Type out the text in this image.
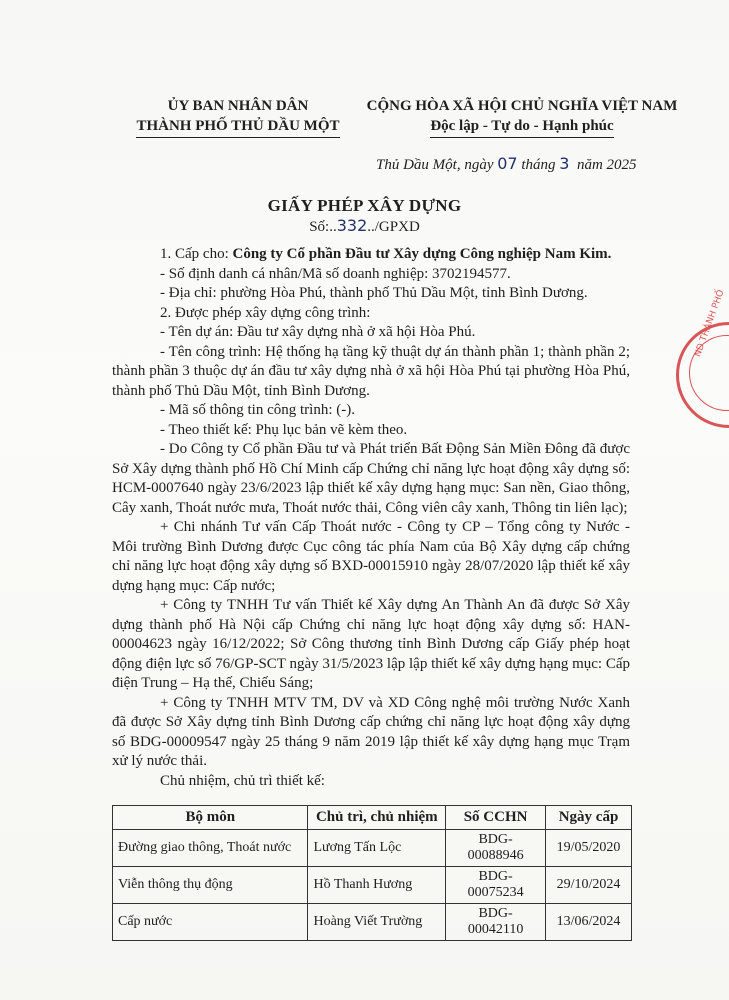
ỦY BAN NHÂN DÂN
THÀNH PHỐ THỦ DẦU MỘT
CỘNG HÒA XÃ HỘI CHỦ NGHĨA VIỆT NAM
Độc lập - Tự do - Hạnh phúc
Thủ Dầu Một, ngày 07 tháng 3 năm 2025
GIẤY PHÉP XÂY DỰNG
Số:..332../GPXD

1. Cấp cho: Công ty Cổ phần Đầu tư Xây dựng Công nghiệp Nam Kim.

- Số định danh cá nhân/Mã số doanh nghiệp: 3702194577.

- Địa chỉ: phường Hòa Phú, thành phố Thủ Dầu Một, tỉnh Bình Dương.

2. Được phép xây dựng công trình:

- Tên dự án: Đầu tư xây dựng nhà ở xã hội Hòa Phú.

- Tên công trình: Hệ thống hạ tầng kỹ thuật dự án thành phần 1; thành phần 2; thành phần 3 thuộc dự án đầu tư xây dựng nhà ở xã hội Hòa Phú tại phường Hòa Phú, thành phố Thủ Dầu Một, tỉnh Bình Dương.

- Mã số thông tin công trình: (-).

- Theo thiết kế: Phụ lục bản vẽ kèm theo.

- Do Công ty Cổ phần Đầu tư và Phát triển Bất Động Sản Miền Đông đã được Sở Xây dựng thành phố Hồ Chí Minh cấp Chứng chỉ năng lực hoạt động xây dựng số: HCM-0007640 ngày 23/6/2023 lập thiết kế xây dựng hạng mục: San nền, Giao thông, Cây xanh, Thoát nước mưa, Thoát nước thải, Công viên cây xanh, Thông tin liên lạc);

+ Chi nhánh Tư vấn Cấp Thoát nước - Công ty CP – Tổng công ty Nước - Môi trường Bình Dương được Cục công tác phía Nam của Bộ Xây dựng cấp chứng chỉ năng lực hoạt động xây dựng số BXD-00015910 ngày 28/07/2020 lập thiết kế xây dựng hạng mục: Cấp nước;

+ Công ty TNHH Tư vấn Thiết kế Xây dựng An Thành An đã được Sở Xây dựng thành phố Hà Nội cấp Chứng chỉ năng lực hoạt động xây dựng số: HAN-00004623 ngày 16/12/2022; Sở Công thương tỉnh Bình Dương cấp Giấy phép hoạt động điện lực số 76/GP-SCT ngày 31/5/2023 lập lập thiết kế xây dựng hạng mục: Cấp điện Trung – Hạ thế, Chiếu Sáng;

+ Công ty TNHH MTV TM, DV và XD Công nghệ môi trường Nước Xanh đã được Sở Xây dựng tỉnh Bình Dương cấp chứng chỉ năng lực hoạt động xây dựng số BDG-00009547 ngày 25 tháng 9 năm 2019 lập thiết kế xây dựng hạng mục Trạm xử lý nước thải.

Chủ nhiệm, chủ trì thiết kế:

Bộ môn	Chủ trì, chủ nhiệm	Số CCHN	Ngày cấp
Đường giao thông, Thoát nước	Lương Tấn Lộc	BDG-00088946	19/05/2020
Viễn thông thụ động	Hồ Thanh Hương	BDG-00075234	29/10/2024
Cấp nước	Hoàng Viết Trường	BDG-00042110	13/06/2024
ND THÀNH PHỐ
